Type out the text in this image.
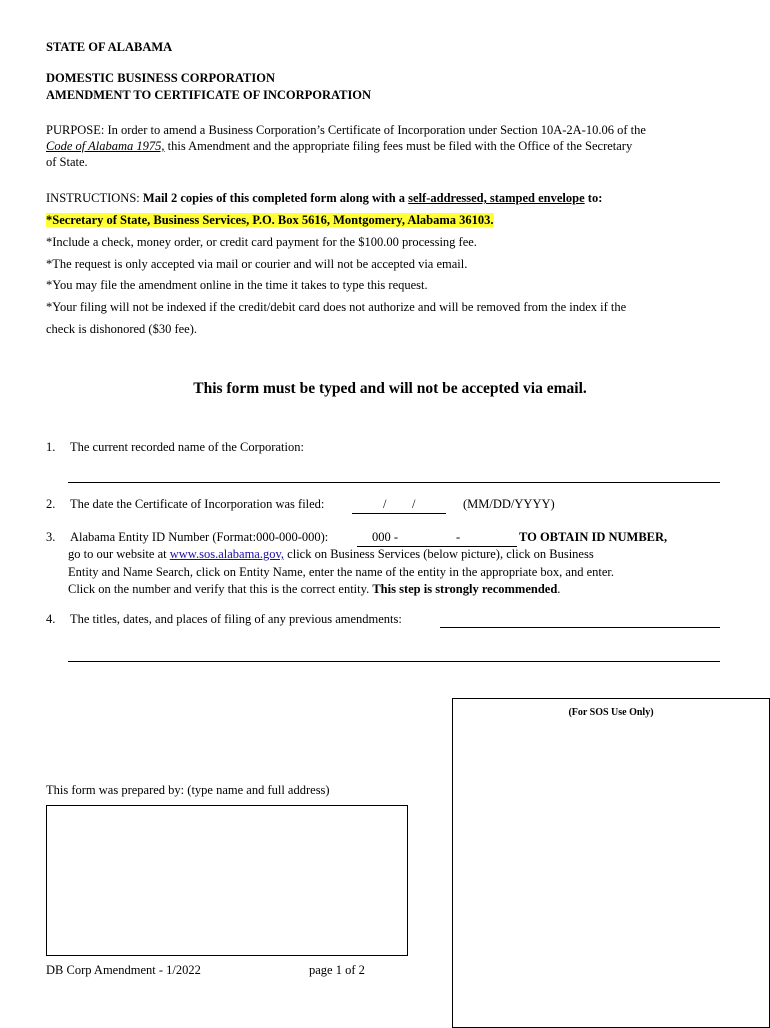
STATE OF ALABAMA
DOMESTIC BUSINESS CORPORATION
AMENDMENT TO CERTIFICATE OF INCORPORATION
PURPOSE: In order to amend a Business Corporation’s Certificate of Incorporation under Section 10A-2A-10.06 of the
Code of Alabama 1975, this Amendment and the appropriate filing fees must be filed with the Office of the Secretary
of State.
INSTRUCTIONS: Mail 2 copies of this completed form along with a self-addressed, stamped envelope to:
*Secretary of State, Business Services, P.O. Box 5616, Montgomery, Alabama 36103.
*Include a check, money order, or credit card payment for the $100.00 processing fee.
*The request is only accepted via mail or courier and will not be accepted via email.
*You may file the amendment online in the time it takes to type this request.
*Your filing will not be indexed if the credit/debit card does not authorize and will be removed from the index if the
check is dishonored ($30 fee).
This form must be typed and will not be accepted via email.
1. The current recorded name of the Corporation:
2. The date the Certificate of Incorporation was filed:	/ /	(MM/DD/YYYY)
3. Alabama Entity ID Number (Format:000-000-000):	000 -	-	TO OBTAIN ID NUMBER,
go to our website at www.sos.alabama.gov, click on Business Services (below picture), click on Business
Entity and Name Search, click on Entity Name, enter the name of the entity in the appropriate box, and enter.
Click on the number and verify that this is the correct entity. This step is strongly recommended.
4. The titles, dates, and places of filing of any previous amendments:
(For SOS Use Only)
This form was prepared by: (type name and full address)
DB Corp Amendment - 1/2022	page 1 of 2
